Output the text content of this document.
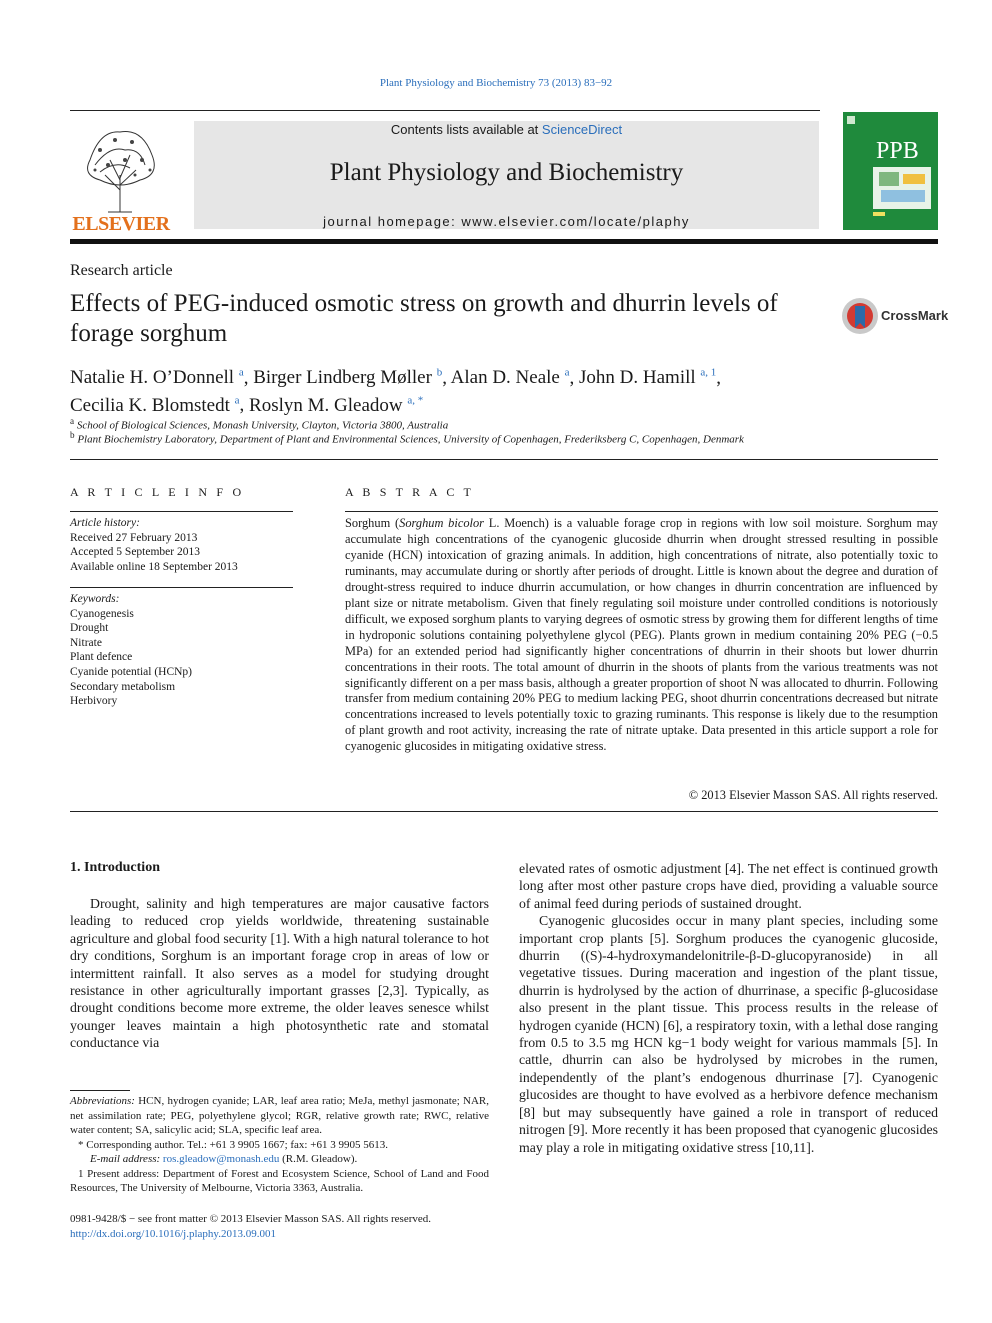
Plant Physiology and Biochemistry 73 (2013) 83−92
ELSEVIER
Contents lists available at ScienceDirect
Plant Physiology and Biochemistry
journal homepage: www.elsevier.com/locate/plaphy
PPB
Research article
Effects of PEG-induced osmotic stress on growth and dhurrin levels of forage sorghum
CrossMark
Natalie H. O’Donnell $^a$, Birger Lindberg Møller $^b$, Alan D. Neale $^a$, John D. Hamill $^{a, 1}$,
Cecilia K. Blomstedt $^a$, Roslyn M. Gleadow $^{a, *}$
$^a$ School of Biological Sciences, Monash University, Clayton, Victoria 3800, Australia
$^b$ Plant Biochemistry Laboratory, Department of Plant and Environmental Sciences, University of Copenhagen, Frederiksberg C, Copenhagen, Denmark
A R T I C L E I N F O
Article history:
Received 27 February 2013
Accepted 5 September 2013
Available online 18 September 2013
Keywords:
Cyanogenesis
Drought
Nitrate
Plant defence
Cyanide potential (HCNp)
Secondary metabolism
Herbivory
A B S T R A C T
Sorghum (Sorghum bicolor L. Moench) is a valuable forage crop in regions with low soil moisture. Sorghum may accumulate high concentrations of the cyanogenic glucoside dhurrin when drought stressed resulting in possible cyanide (HCN) intoxication of grazing animals. In addition, high concentrations of nitrate, also potentially toxic to ruminants, may accumulate during or shortly after periods of drought. Little is known about the degree and duration of drought-stress required to induce dhurrin accumulation, or how changes in dhurrin concentration are influenced by plant size or nitrate metabolism. Given that finely regulating soil moisture under controlled conditions is notoriously difficult, we exposed sorghum plants to varying degrees of osmotic stress by growing them for different lengths of time in hydroponic solutions containing polyethylene glycol (PEG). Plants grown in medium containing 20% PEG (−0.5 MPa) for an extended period had significantly higher concentrations of dhurrin in their shoots but lower dhurrin concentrations in their roots. The total amount of dhurrin in the shoots of plants from the various treatments was not significantly different on a per mass basis, although a greater proportion of shoot N was allocated to dhurrin. Following transfer from medium containing 20% PEG to medium lacking PEG, shoot dhurrin concentrations decreased but nitrate concentrations increased to levels potentially toxic to grazing ruminants. This response is likely due to the resumption of plant growth and root activity, increasing the rate of nitrate uptake. Data presented in this article support a role for cyanogenic glucosides in mitigating oxidative stress.
© 2013 Elsevier Masson SAS. All rights reserved.
1. Introduction

Drought, salinity and high temperatures are major causative factors leading to reduced crop yields worldwide, threatening sustainable agriculture and global food security [1]. With a high natural tolerance to hot dry conditions, Sorghum is an important forage crop in areas of low or intermittent rainfall. It also serves as a model for studying drought resistance in other agriculturally important grasses [2,3]. Typically, as drought conditions become more extreme, the older leaves senesce whilst younger leaves maintain a high photosynthetic rate and stomatal conductance via

elevated rates of osmotic adjustment [4]. The net effect is continued growth long after most other pasture crops have died, providing a valuable source of animal feed during periods of sustained drought.

Cyanogenic glucosides occur in many plant species, including some important crop plants [5]. Sorghum produces the cyanogenic glucoside, dhurrin ((S)-4-hydroxymandelonitrile-β-D-glucopyranoside) in all vegetative tissues. During maceration and ingestion of the plant tissue, dhurrin is hydrolysed by the action of dhurrinase, a specific β-glucosidase also present in the plant tissue. This process results in the release of hydrogen cyanide (HCN) [6], a respiratory toxin, with a lethal dose ranging from 0.5 to 3.5 mg HCN kg−1 body weight for various mammals [5]. In cattle, dhurrin can also be hydrolysed by microbes in the rumen, independently of the plant’s endogenous dhurrinase [7]. Cyanogenic glucosides are thought to have evolved as a herbivore defence mechanism [8] but may subsequently have gained a role in transport of reduced nitrogen [9]. More recently it has been proposed that cyanogenic glucosides may play a role in mitigating oxidative stress [10,11].

Abbreviations: HCN, hydrogen cyanide; LAR, leaf area ratio; MeJa, methyl jasmonate; NAR, net assimilation rate; PEG, polyethylene glycol; RGR, relative growth rate; RWC, relative water content; SA, salicylic acid; SLA, specific leaf area.
* Corresponding author. Tel.: +61 3 9905 1667; fax: +61 3 9905 5613.
E-mail address: ros.gleadow@monash.edu (R.M. Gleadow).
1 Present address: Department of Forest and Ecosystem Science, School of Land and Food Resources, The University of Melbourne, Victoria 3363, Australia.
0981-9428/$ − see front matter © 2013 Elsevier Masson SAS. All rights reserved.
http://dx.doi.org/10.1016/j.plaphy.2013.09.001
